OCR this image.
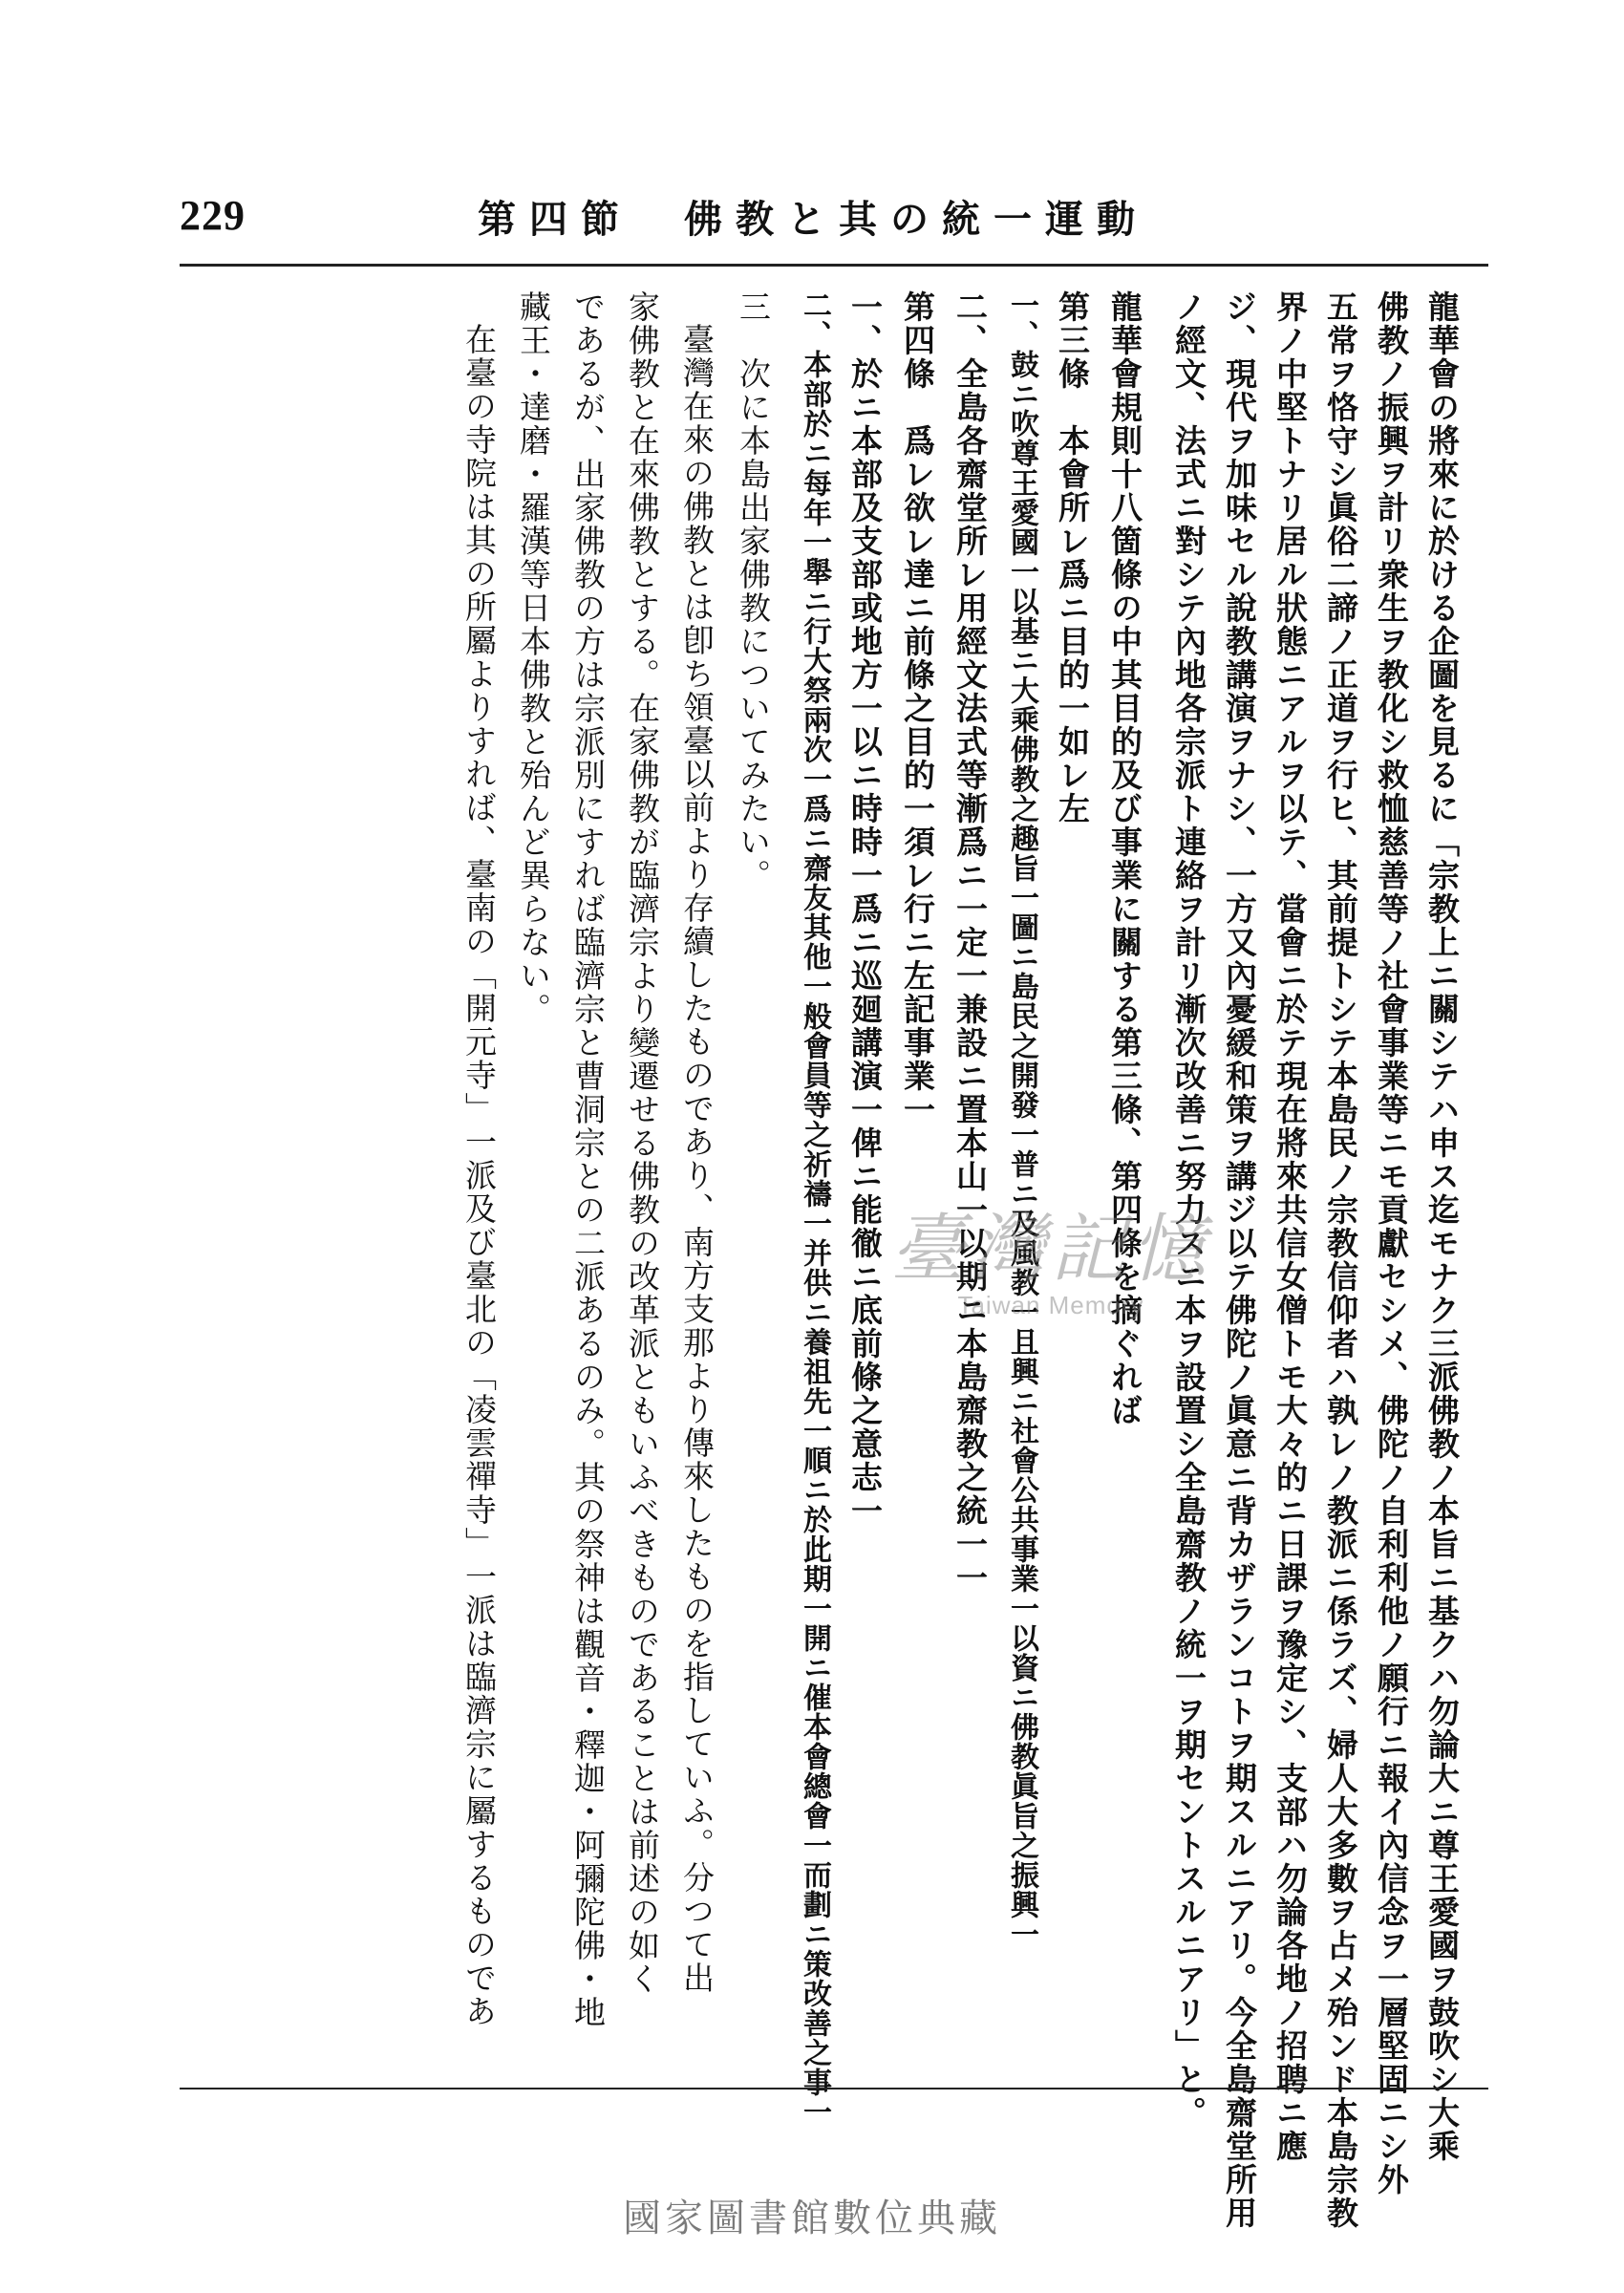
229	第四節　佛教と其の統一運動
龍華會の將來に於ける企圖を見るに「宗教上ニ關シテハ申ス迄モナク三派佛教ノ本旨ニ基クハ勿論大ニ尊王愛國ヲ鼓吹シ大乘
佛教ノ振興ヲ計リ衆生ヲ教化シ救恤慈善等ノ社會事業等ニモ貢獻セシメ、佛陀ノ自利利他ノ願行ニ報イ內信念ヲ一層堅固ニシ外
五常ヲ恪守シ眞俗二諦ノ正道ヲ行ヒ、其前提トシテ本島民ノ宗教信仰者ハ孰レノ教派ニ係ラズ、婦人大多數ヲ占メ殆ンド本島宗教
界ノ中堅トナリ居ル狀態ニアルヲ以テ、當會ニ於テ現在將來共信女僧トモ大々的ニ日課ヲ豫定シ、支部ハ勿論各地ノ招聘ニ應
ジ、現代ヲ加味セル說教講演ヲナシ、一方又內憂緩和策ヲ講ジ以テ佛陀ノ眞意ニ背カザランコトヲ期スルニアリ。今全島齋堂所用
ノ經文、法式ニ對シテ內地各宗派ト連絡ヲ計リ漸次改善ニ努力スニ本ヲ設置シ全島齋教ノ統一ヲ期セントスルニアリ」と。
龍華會規則十八箇條の中其目的及び事業に關する第三條、第四條を摘ぐれば
第三條　本會所レ爲ニ目的一如レ左
一、鼓ニ吹尊王愛國一以基ニ大乘佛教之趣旨一圖ニ島民之開發一普ニ及風教一且興ニ社會公共事業一以資ニ佛教眞旨之振興一
二、全島各齋堂所レ用經文法式等漸爲ニ一定一兼設ニ置本山一以期ニ本島齋教之統一一
第四條　爲レ欲レ達ニ前條之目的一須レ行ニ左記事業一
一、於ニ本部及支部或地方一以ニ時時一爲ニ巡廻講演一俾ニ能徹ニ底前條之意志一
二、本部於ニ每年一舉ニ行大祭兩次一爲ニ齋友其他一般會員等之祈禱一并供ニ養祖先一順ニ於此期一開ニ催本會總會一而劃ニ策改善之事一
三　次に本島出家佛教についてみたい。
臺灣在來の佛教とは卽ち領臺以前より存續したものであり、南方支那より傳來したものを指していふ。分つて出
家佛教と在來佛教とする。在家佛教が臨濟宗より變遷せる佛教の改革派ともいふべきものであることは前述の如く
であるが、出家佛教の方は宗派別にすれば臨濟宗と曹洞宗との二派あるのみ。其の祭神は觀音・釋迦・阿彌陀佛・地
藏王・達磨・羅漢等日本佛教と殆んど異らない。
在臺の寺院は其の所屬よりすれば、臺南の「開元寺」一派及び臺北の「凌雲禪寺」一派は臨濟宗に屬するものであ	臺灣記憶
Taiwan Memory
國家圖書館數位典藏
